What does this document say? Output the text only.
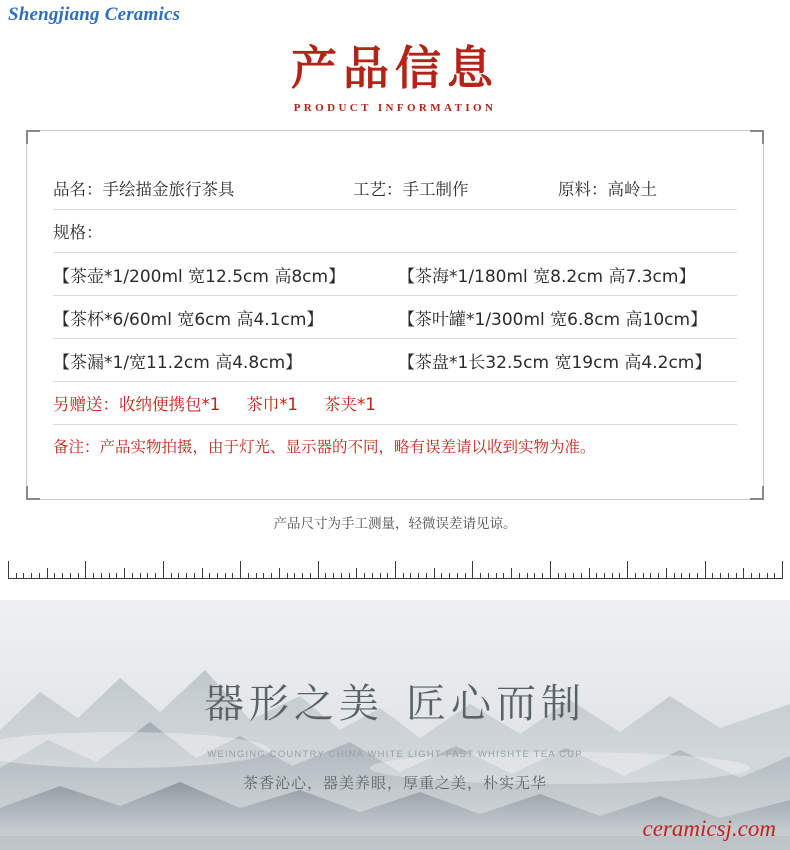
Shengjiang Ceramics
产品信息
PRODUCT INFORMATION
品名：手绘描金旅行茶具	工艺：手工制作	原料：高岭土
规格：
【茶壶*1/200ml 宽12.5cm 高8cm】	【茶海*1/180ml 宽8.2cm 高7.3cm】
【茶杯*6/60ml 宽6cm 高4.1cm】	【茶叶罐*1/300ml 宽6.8cm 高10cm】
【茶漏*1/宽11.2cm 高4.8cm】	【茶盘*1长32.5cm 宽19cm 高4.2cm】
另赠送：收纳便携包*1 茶巾*1 茶夹*1
备注：产品实物拍摄，由于灯光、显示器的不同，略有误差请以收到实物为准。
产品尺寸为手工测量，轻微误差请见谅。
器形之美 匠心而制
WEINGING COUNTRY CHINA WHITE LIGHT FAST WHISHTE TEA CUP
茶香沁心，器美养眼，厚重之美，朴实无华
ceramicsj.com
